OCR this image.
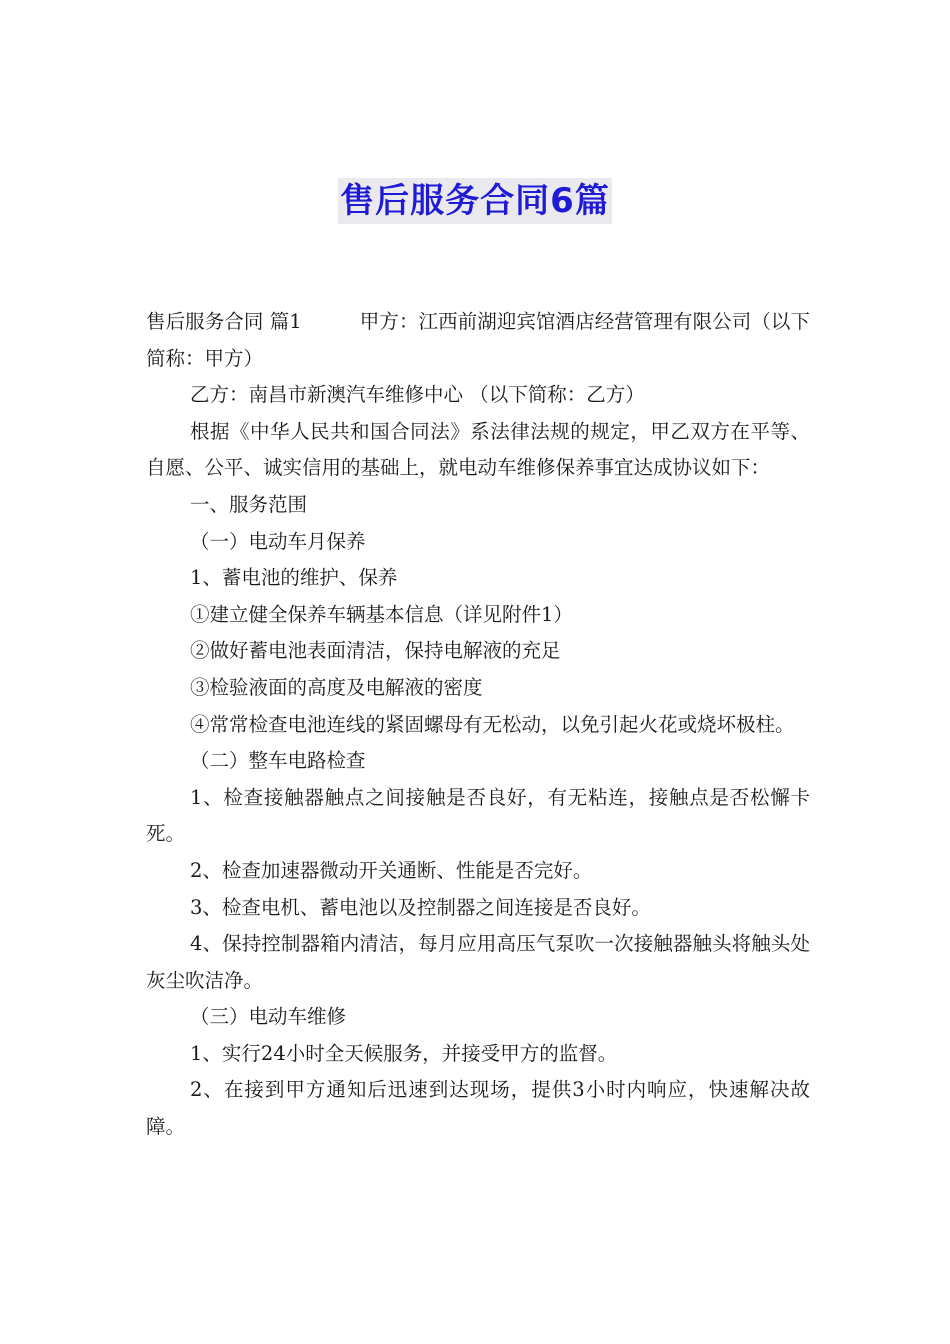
售后服务合同6篇

售后服务合同 篇1	甲方：江西前湖迎宾馆酒店经营管理有限公司（以下简称：甲方）

乙方：南昌市新澳汽车维修中心 （以下简称：乙方）

根据《中华人民共和国合同法》系法律法规的规定，甲乙双方在平等、自愿、公平、诚实信用的基础上，就电动车维修保养事宜达成协议如下：

一、服务范围

（一）电动车月保养

1、蓄电池的维护、保养

①建立健全保养车辆基本信息（详见附件1）

②做好蓄电池表面清洁，保持电解液的充足

③检验液面的高度及电解液的密度

④常常检查电池连线的紧固螺母有无松动，以免引起火花或烧坏极柱。

（二）整车电路检查

1、检查接触器触点之间接触是否良好，有无粘连，接触点是否松懈卡死。

2、检查加速器微动开关通断、性能是否完好。

3、检查电机、蓄电池以及控制器之间连接是否良好。

4、保持控制器箱内清洁，每月应用高压气泵吹一次接触器触头将触头处灰尘吹洁净。

（三）电动车维修

1、实行24小时全天候服务，并接受甲方的监督。

2、在接到甲方通知后迅速到达现场，提供3小时内响应，快速解决故障。
